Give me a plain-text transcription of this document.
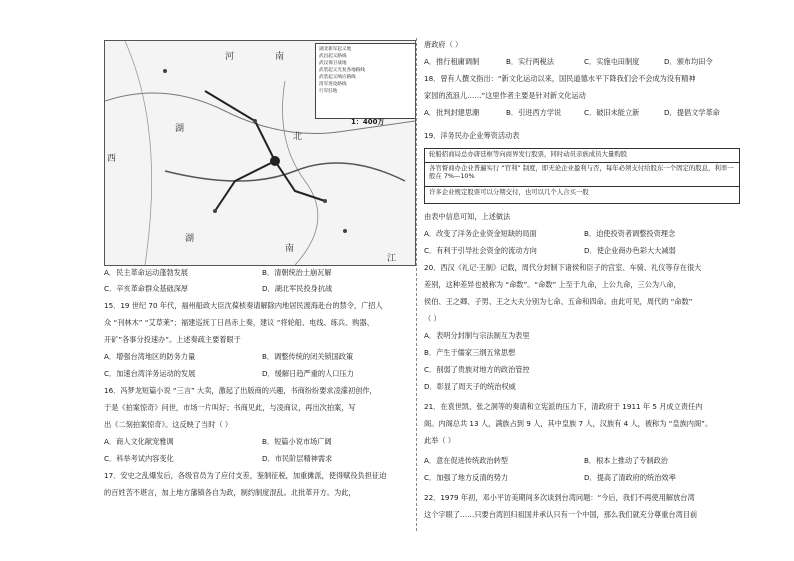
河	南
湖
北
湖
南
西
江
湖北新军起义地
武昌起义路线
武汉保卫战地
武装起义光复各地路线
武装起义响应路线
清军进攻路线
行军驻地
1：400万
A．民主革命运动蓬勃发展	B．清朝统治土崩瓦解
C．辛亥革命群众基础深厚	D．湖北军民投身抗战
15．19 世纪 70 年代，福州船政大臣沈葆桢奏请解除内地居民渡海赴台的禁令，广招人
众 “刊林木” “艾草莱”；福建巡抚丁日昌赤上奏，建议 “将轮船、电线、练兵、购器、
开矿”各事分投速办”。上述奏疏主要着眼于
A．增强台湾地区的防务力量	B．调整传统的闭关锁国政策
C．加速台湾洋务运动的发展	D．缓解日趋严重的人口压力
16．冯梦龙短篇小说 “三言” 大卖，激起了出版商的兴趣，书商纷纷要求凌濛初创作，
于是《拍案惊奇》问世，市场一片叫好；书商见此，与凌商议，再出次拍案，写
出《二刻拍案惊奇》。这反映了当时（ ）
A．商人文化献宠雅调	B．短篇小说市场广阔
C．科举考试内容变化	D．市民阶层精神需求
17．安史之乱爆发后，各级官员为了应付支差，鉴制征税，加重摊派，使得赋役负担征迫
的百姓苦不堪言，加上地方藩镇各自为政，制约制度混乱。北批革开方。为此，
唐政府（ ）
A．推行租庸调制	B．实行两税法	C．实施屯田制度	D．颁布均田令
18．曾有人撰文指出：“新文化运动以来，国民道德水平下降我们会不会成为没有精神
家园的流浪儿……”这里作者主要是针对新文化运动
A．批判封建思潮	B．引进西方学说	C．破旧未能立新	D．提倡文学革命
19．洋务民办企业筹资活动表
轮船招商局总办唐廷枢等向商界发行股票，同时动员亲族成员大量购股
各官督商办企业普遍实行 “官利” 制度，即无论企业盈利与否，每年必须支付给股东一个固定的股息，利率一般在 7%—10%
许多企业规定股票可以分期交付，也可以几个人合买一股
由表中信息可知，上述做法
A．改变了洋务企业资金短缺的局面	B．迫使投资者调整投资理念
C．有利于引导社会资金的流动方向	D．使企业商办色彩大大减弱
20．西汉《礼记·王制》记载，周代分封制下诸侯和臣子的宫室、车骑、礼仪等存在很大
差别，这种差异也被称为 “命数”。“命数” 上至于九命，上公九命，三公为八命，
侯伯、王之卿、子男、王之大夫分别为七命、五命和四命。由此可见，周代的 “命数”
（ ）
A．表明分封制与宗法制互为表里
B．产生于儒家三纲五常思想
C．削弱了贵族对地方的政治管控
D．彰显了周天子的统治权威
21．在袁世凯、张之洞等的奏请和立宪派的压力下，清政府于 1911 年 5 月成立责任内
阁。内阁总共 13 人，满族占到 9 人，其中皇族 7 人，汉族有 4 人，被称为 “皇族内阁”。
此举（ ）
A．意在促进传统政治转型	B．根本上推动了专制政治
C．加强了地方反清的势力	D．提高了清政府的统治效率
22．1979 年初，邓小平访美期间多次谈到台湾问题：“今后，我们不再使用解放台湾
这个字眼了……只要台湾回归祖国并承认只有一个中国，那么我们就充分尊重台湾目前
